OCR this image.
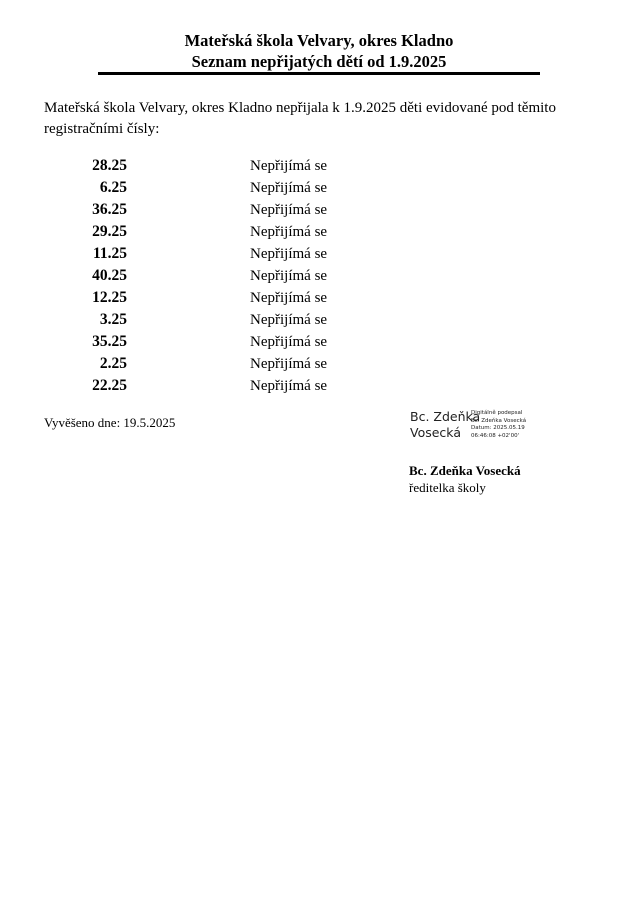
Mateřská škola Velvary, okres Kladno
Seznam nepřijatých dětí od 1.9.2025
Mateřská škola Velvary, okres Kladno nepřijala k 1.9.2025 děti evidované pod těmito registračními čísly:
28.25	Nepřijímá se
6.25	Nepřijímá se
36.25	Nepřijímá se
29.25	Nepřijímá se
11.25	Nepřijímá se
40.25	Nepřijímá se
12.25	Nepřijímá se
3.25	Nepřijímá se
35.25	Nepřijímá se
2.25	Nepřijímá se
22.25	Nepřijímá se
Vyvěšeno dne: 19.5.2025	Bc. Zdeňka
Vosecká
Digitálně podepsal
Bc. Zdeňka Vosecká
Datum: 2025.05.19
06:46:08 +02'00'
Bc. Zdeňka Vosecká
ředitelka školy
